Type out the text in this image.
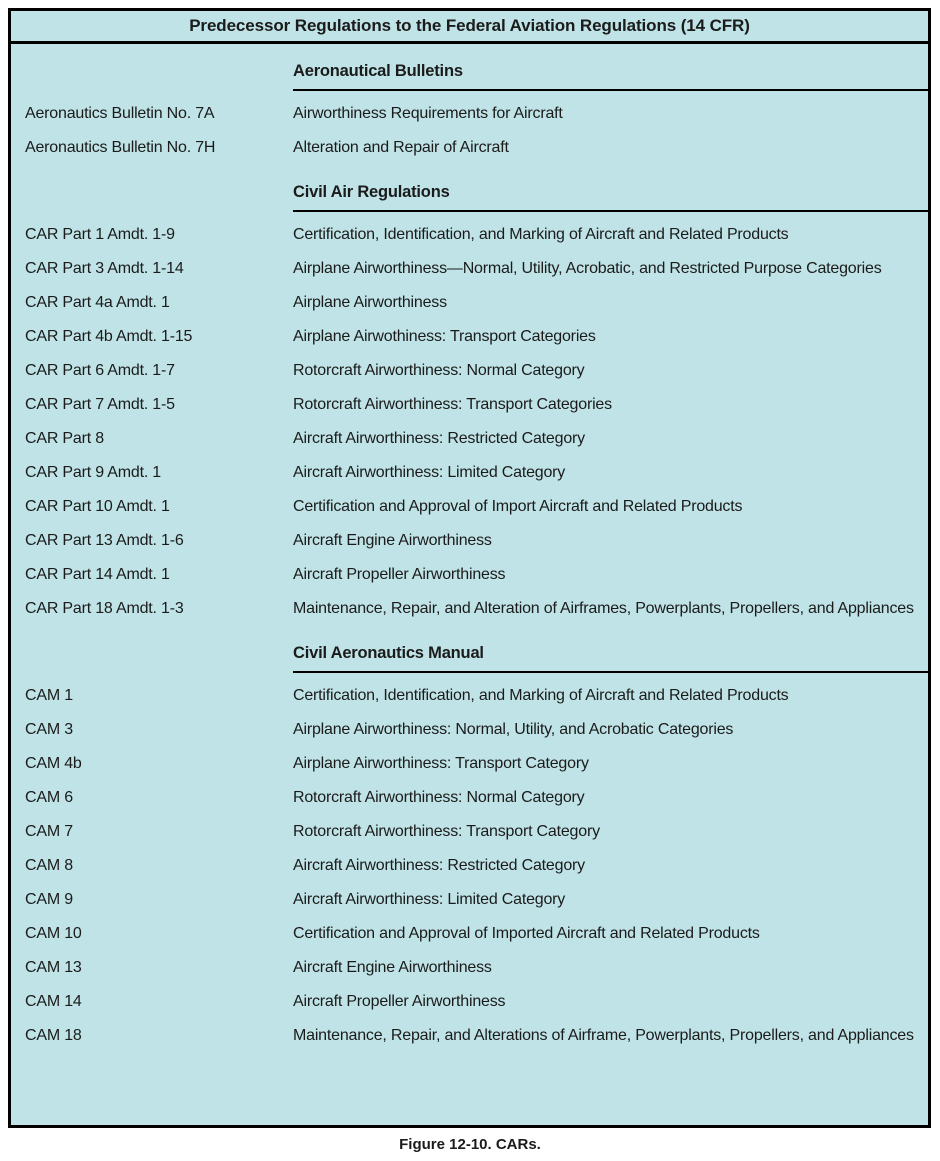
Predecessor Regulations to the Federal Aviation Regulations (14 CFR)
Aeronautical Bulletins
Aeronautics Bulletin No. 7A	Airworthiness Requirements for Aircraft
Aeronautics Bulletin No. 7H	Alteration and Repair of Aircraft
Civil Air Regulations
CAR Part 1 Amdt. 1-9	Certification, Identification, and Marking of Aircraft and Related Products
CAR Part 3 Amdt. 1-14	Airplane Airworthiness—Normal, Utility, Acrobatic, and Restricted Purpose Categories
CAR Part 4a Amdt. 1	Airplane Airworthiness
CAR Part 4b Amdt. 1-15	Airplane Airwothiness: Transport Categories
CAR Part 6 Amdt. 1-7	Rotorcraft Airworthiness: Normal Category
CAR Part 7 Amdt. 1-5	Rotorcraft Airworthiness: Transport Categories
CAR Part 8	Aircraft Airworthiness: Restricted Category
CAR Part 9 Amdt. 1	Aircraft Airworthiness: Limited Category
CAR Part 10 Amdt. 1	Certification and Approval of Import Aircraft and Related Products
CAR Part 13 Amdt. 1-6	Aircraft Engine Airworthiness
CAR Part 14 Amdt. 1	Aircraft Propeller Airworthiness
CAR Part 18 Amdt. 1-3	Maintenance, Repair, and Alteration of Airframes, Powerplants, Propellers, and Appliances
Civil Aeronautics Manual
CAM 1	Certification, Identification, and Marking of Aircraft and Related Products
CAM 3	Airplane Airworthiness: Normal, Utility, and Acrobatic Categories
CAM 4b	Airplane Airworthiness: Transport Category
CAM 6	Rotorcraft Airworthiness: Normal Category
CAM 7	Rotorcraft Airworthiness: Transport Category
CAM 8	Aircraft Airworthiness: Restricted Category
CAM 9	Aircraft Airworthiness: Limited Category
CAM 10	Certification and Approval of Imported Aircraft and Related Products
CAM 13	Aircraft Engine Airworthiness
CAM 14	Aircraft Propeller Airworthiness
CAM 18	Maintenance, Repair, and Alterations of Airframe, Powerplants, Propellers, and Appliances
Figure 12-10. CARs.
